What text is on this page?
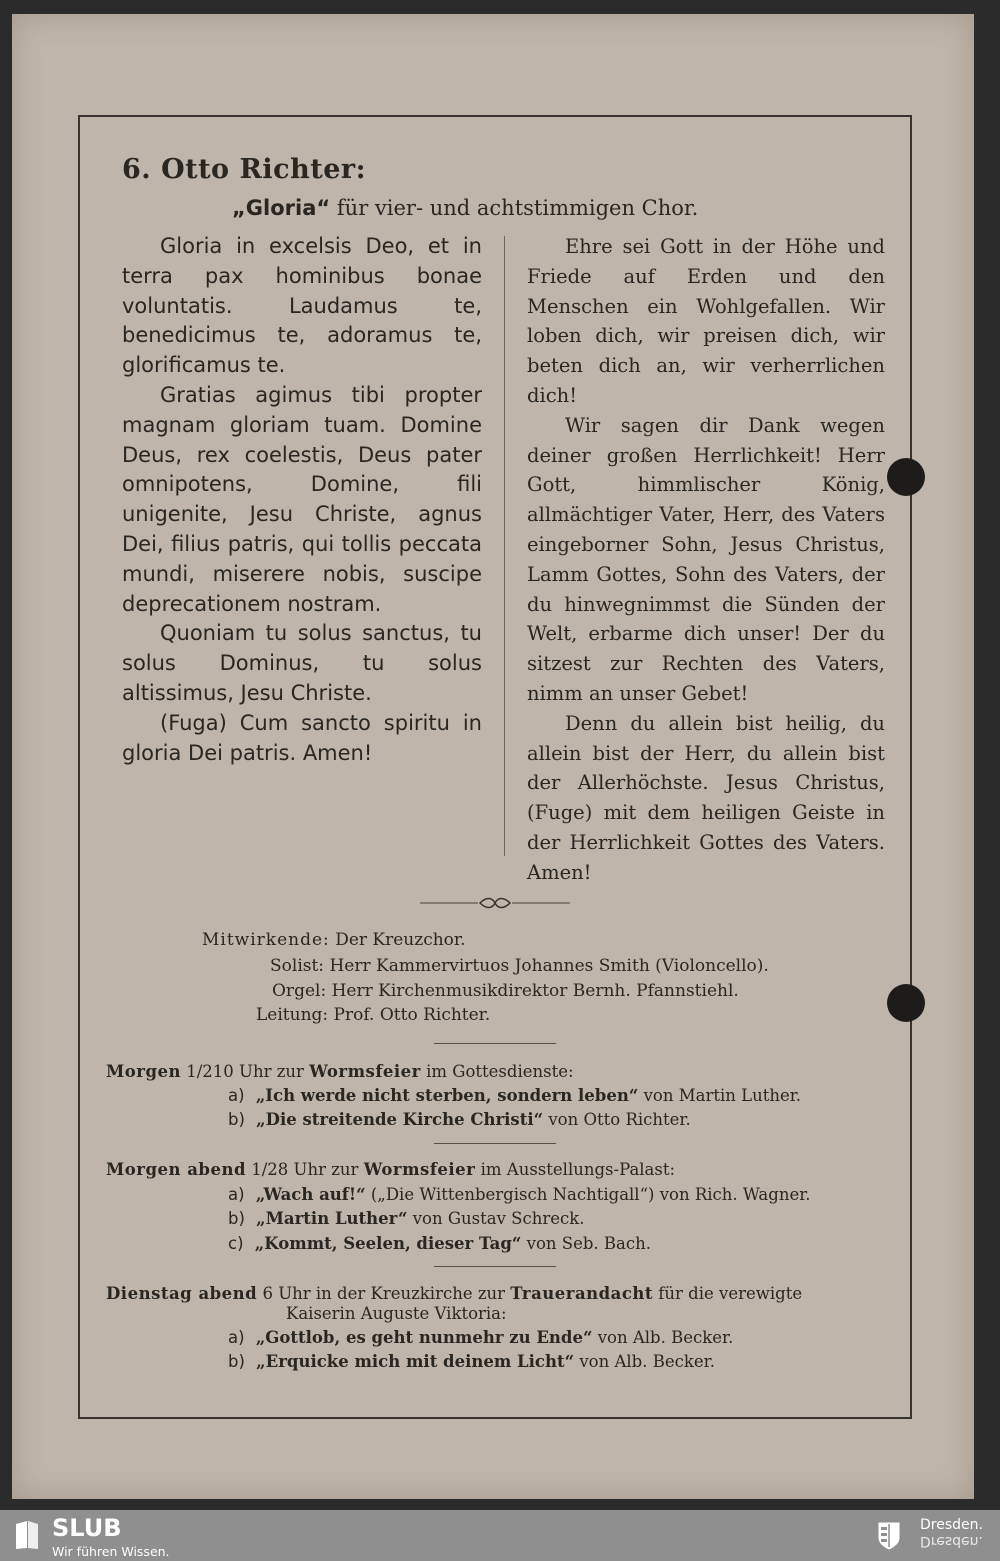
6. Otto Richter:
„Gloria“ für vier- und achtstimmigen Chor.

Gloria in excelsis Deo, et in terra pax hominibus bonae voluntatis. Laudamus te, benedicimus te, adoramus te, glorificamus te.

Gratias agimus tibi propter magnam gloriam tuam. Domine Deus, rex coelestis, Deus pater omnipotens, Domine, fili unigenite, Jesu Christe, agnus Dei, filius patris, qui tollis peccata mundi, miserere nobis, suscipe deprecationem nostram.

Quoniam tu solus sanctus, tu solus Dominus, tu solus altissimus, Jesu Christe.

(Fuga) Cum sancto spiritu in gloria Dei patris. Amen!

Ehre sei Gott in der Höhe und Friede auf Erden und den Menschen ein Wohlgefallen. Wir loben dich, wir preisen dich, wir beten dich an, wir verherrlichen dich!

Wir sagen dir Dank wegen deiner großen Herrlichkeit! Herr Gott, himmlischer König, allmächtiger Vater, Herr, des Vaters eingeborner Sohn, Jesus Christus, Lamm Gottes, Sohn des Vaters, der du hinwegnimmst die Sünden der Welt, erbarme dich unser! Der du sitzest zur Rechten des Vaters, nimm an unser Gebet!

Denn du allein bist heilig, du allein bist der Herr, du allein bist der Allerhöchste. Jesus Christus, (Fuge) mit dem heiligen Geiste in der Herrlichkeit Gottes des Vaters. Amen!

Mitwirkende: Der Kreuzchor.
Solist: Herr Kammervirtuos Johannes Smith (Violoncello).
Orgel: Herr Kirchenmusikdirektor Bernh. Pfannstiehl.
Leitung: Prof. Otto Richter.
Morgen 1/210 Uhr zur Wormsfeier im Gottesdienste:
a) „Ich werde nicht sterben, sondern leben“ von Martin Luther.
b) „Die streitende Kirche Christi“ von Otto Richter.
Morgen abend 1/28 Uhr zur Wormsfeier im Ausstellungs-Palast:
a) „Wach auf!“ („Die Wittenbergisch Nachtigall“) von Rich. Wagner.
b) „Martin Luther“ von Gustav Schreck.
c) „Kommt, Seelen, dieser Tag“ von Seb. Bach.
Dienstag abend 6 Uhr in der Kreuzkirche zur Trauerandacht für die verewigte
Kaiserin Auguste Viktoria:
a) „Gottlob, es geht nunmehr zu Ende“ von Alb. Becker.
b) „Erquicke mich mit deinem Licht“ von Alb. Becker.
SLUB
Wir führen Wissen.
Dresden.
Dresden.
